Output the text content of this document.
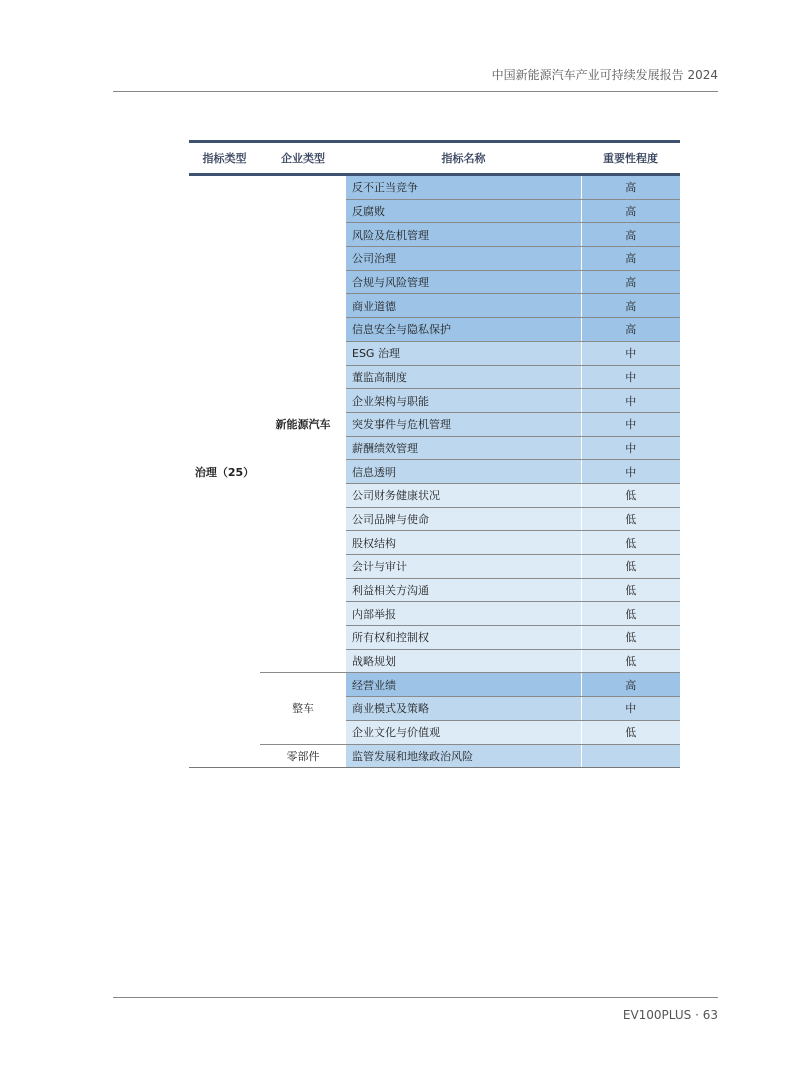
中国新能源汽车产业可持续发展报告 2024
指标类型	企业类型	指标名称	重要性程度
治理（25）	新能源汽车	反不正当竞争	高
		反腐败	高
		风险及危机管理	高
		公司治理	高
		合规与风险管理	高
		商业道德	高
		信息安全与隐私保护	高
		ESG 治理	中
		董监高制度	中
		企业架构与职能	中
		突发事件与危机管理	中
		薪酬绩效管理	中
		信息透明	中
		公司财务健康状况	低
		公司品牌与使命	低
		股权结构	低
		会计与审计	低
		利益相关方沟通	低
		内部举报	低
		所有权和控制权	低
		战略规划	低
	整车	经营业绩	高
		商业模式及策略	中
		企业文化与价值观	低
	零部件	监管发展和地缘政治风险	
EV100PLUS · 63
